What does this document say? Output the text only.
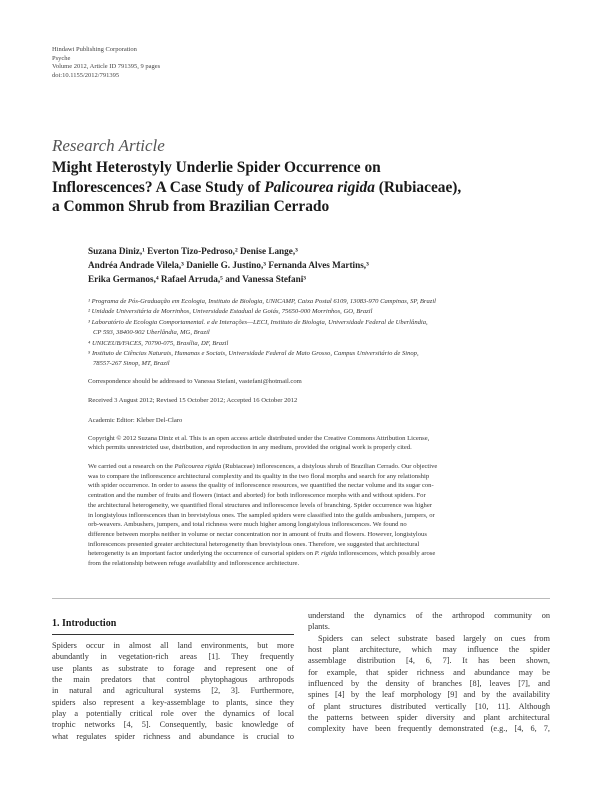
Hindawi Publishing Corporation
Psyche
Volume 2012, Article ID 791395, 9 pages
doi:10.1155/2012/791395
Research Article
Might Heterostyly Underlie Spider Occurrence on
Inflorescences? A Case Study of Palicourea rigida (Rubiaceae),
a Common Shrub from Brazilian Cerrado
Suzana Diniz,¹ Everton Tizo-Pedroso,² Denise Lange,³
Andréa Andrade Vilela,³ Danielle G. Justino,³ Fernanda Alves Martins,³
Erika Germanos,⁴ Rafael Arruda,⁵ and Vanessa Stefani³
¹ Programa de Pós-Graduação em Ecologia, Instituto de Biologia, UNICAMP, Caixa Postal 6109, 13083-970 Campinas, SP, Brazil
² Unidade Universitária de Morrinhos, Universidade Estadual de Goiás, 75650-000 Morrinhos, GO, Brazil
³ Laboratório de Ecologia Comportamental. e de Interações—LECI, Instituto de Biologia, Universidade Federal de Uberlândia,
CP 593, 38400-902 Uberlândia, MG, Brazil
⁴ UNICEUB/FACES, 70790-075, Brasília, DF, Brazil
⁵ Instituto de Ciências Naturais, Humanas e Sociais, Universidade Federal de Mato Grosso, Campus Universitário de Sinop,
78557-267 Sinop, MT, Brazil
Correspondence should be addressed to Vanessa Stefani, vastefani@hotmail.com
Received 3 August 2012; Revised 15 October 2012; Accepted 16 October 2012
Academic Editor: Kleber Del-Claro
Copyright © 2012 Suzana Diniz et al. This is an open access article distributed under the Creative Commons Attribution License,
which permits unrestricted use, distribution, and reproduction in any medium, provided the original work is properly cited.
We carried out a research on the Palicourea rigida (Rubiaceae) inflorescences, a distylous shrub of Brazilian Cerrado. Our objective
was to compare the inflorescence architectural complexity and its quality in the two floral morphs and search for any relationship
with spider occurrence. In order to assess the quality of inflorescence resources, we quantified the nectar volume and its sugar con-
centration and the number of fruits and flowers (intact and aborted) for both inflorescence morphs with and without spiders. For
the architectural heterogeneity, we quantified floral structures and inflorescence levels of branching. Spider occurrence was higher
in longistylous inflorescences than in brevistylous ones. The sampled spiders were classified into the guilds ambushers, jumpers, or
orb-weavers. Ambushers, jumpers, and total richness were much higher among longistylous inflorescences. We found no
difference between morphs neither in volume or nectar concentration nor in amount of fruits and flowers. However, longistylous
inflorescences presented greater architectural heterogeneity than brevistylous ones. Therefore, we suggested that architectural
heterogeneity is an important factor underlying the occurrence of cursorial spiders on P. rigida inflorescences, which possibly arose
from the relationship between refuge availability and inflorescence architecture.
1. Introduction
Spiders occur in almost all land environments, but more
abundantly in vegetation-rich areas [1]. They frequently
use plants as substrate to forage and represent one of
the main predators that control phytophagous arthropods
in natural and agricultural systems [2, 3]. Furthermore,
spiders also represent a key-assemblage to plants, since they
play a potentially critical role over the dynamics of local
trophic networks [4, 5]. Consequently, basic knowledge of
what regulates spider richness and abundance is crucial to
understand the dynamics of the arthropod community on
plants.
Spiders can select substrate based largely on cues from
host plant architecture, which may influence the spider
assemblage distribution [4, 6, 7]. It has been shown,
for example, that spider richness and abundance may be
influenced by the density of branches [8], leaves [7], and
spines [4] by the leaf morphology [9] and by the availability
of plant structures distributed vertically [10, 11]. Although
the patterns between spider diversity and plant architectural
complexity have been frequently demonstrated (e.g., [4, 6, 7,
